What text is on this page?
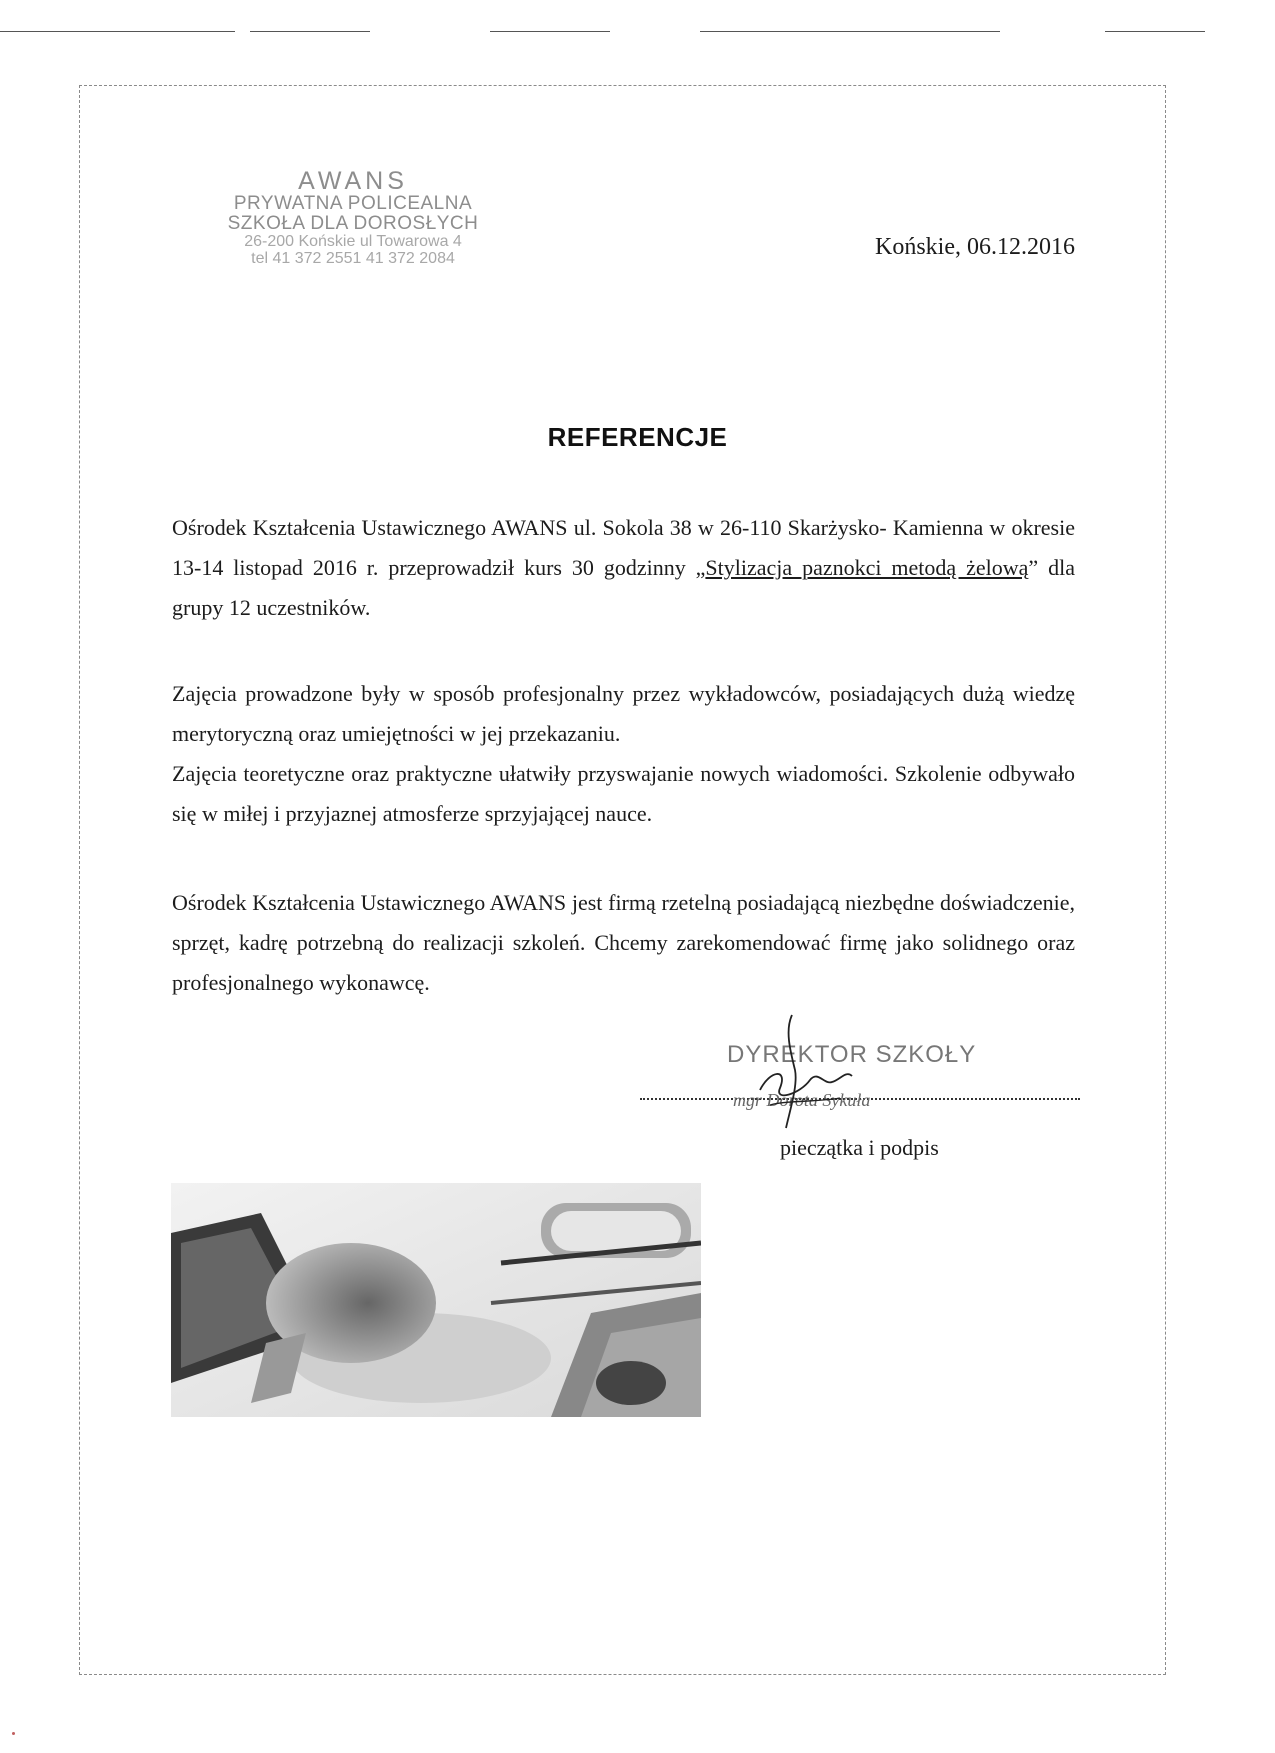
AWANS
PRYWATNA POLICEALNA
SZKOŁA DLA DOROSŁYCH
26-200 Końskie ul Towarowa 4
tel 41 372 2551 41 372 2084	Końskie, 06.12.2016
REFERENCJE

Ośrodek Kształcenia Ustawicznego AWANS ul. Sokola 38 w 26-110 Skarżysko- Kamienna w okresie 13-14 listopad 2016 r. przeprowadził kurs 30 godzinny „Stylizacja paznokci metodą żelową” dla grupy 12 uczestników.

Zajęcia prowadzone były w sposób profesjonalny przez wykładowców, posiadających dużą wiedzę merytoryczną oraz umiejętności w jej przekazaniu.

Zajęcia teoretyczne oraz praktyczne ułatwiły przyswajanie nowych wiadomości. Szkolenie odbywało się w miłej i przyjaznej atmosferze sprzyjającej nauce.

Ośrodek Kształcenia Ustawicznego AWANS jest firmą rzetelną posiadającą niezbędne doświadczenie, sprzęt, kadrę potrzebną do realizacji szkoleń. Chcemy zarekomendować firmę jako solidnego oraz profesjonalnego wykonawcę.

DYREKTOR SZKOŁY
mgr Dorota Sykuła
pieczątka i podpis
